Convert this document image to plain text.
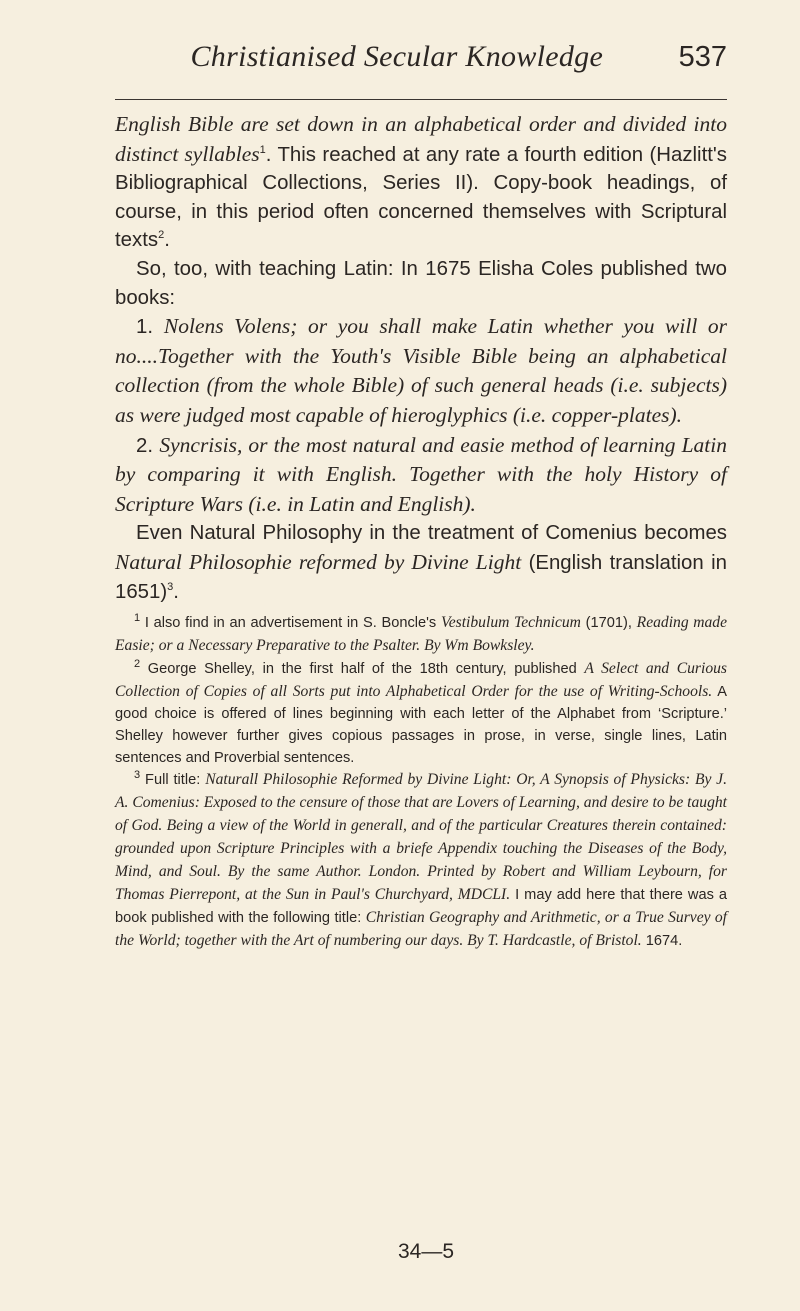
Christianised Secular Knowledge	537

English Bible are set down in an alphabetical order and divided into distinct syllables$^1$. This reached at any rate a fourth edition (Hazlitt's Bibliographical Collections, Series II). Copy-book headings, of course, in this period often concerned themselves with Scriptural texts$^2$.

So, too, with teaching Latin: In 1675 Elisha Coles published two books:

1. Nolens Volens; or you shall make Latin whether you will or no....Together with the Youth's Visible Bible being an alphabetical collection (from the whole Bible) of such general heads (i.e. subjects) as were judged most capable of hieroglyphics (i.e. copper-plates).

2. Syncrisis, or the most natural and easie method of learning Latin by comparing it with English. Together with the holy History of Scripture Wars (i.e. in Latin and English).

Even Natural Philosophy in the treatment of Comenius becomes Natural Philosophie reformed by Divine Light (English translation in 1651)$^3$.

$^1$ I also find in an advertisement in S. Boncle's Vestibulum Technicum (1701), Reading made Easie; or a Necessary Preparative to the Psalter. By Wm Bowksley.

$^2$ George Shelley, in the first half of the 18th century, published A Select and Curious Collection of Copies of all Sorts put into Alphabetical Order for the use of Writing-Schools. A good choice is offered of lines beginning with each letter of the Alphabet from ‘Scripture.’ Shelley however further gives copious passages in prose, in verse, single lines, Latin sentences and Proverbial sentences.

$^3$ Full title: Naturall Philosophie Reformed by Divine Light: Or, A Synopsis of Physicks: By J. A. Comenius: Exposed to the censure of those that are Lovers of Learning, and desire to be taught of God. Being a view of the World in generall, and of the particular Creatures therein contained: grounded upon Scripture Principles with a briefe Appendix touching the Diseases of the Body, Mind, and Soul. By the same Author. London. Printed by Robert and William Leybourn, for Thomas Pierrepont, at the Sun in Paul's Churchyard, MDCLI. I may add here that there was a book published with the following title: Christian Geography and Arithmetic, or a True Survey of the World; together with the Art of numbering our days. By T. Hardcastle, of Bristol. 1674.

34—5
